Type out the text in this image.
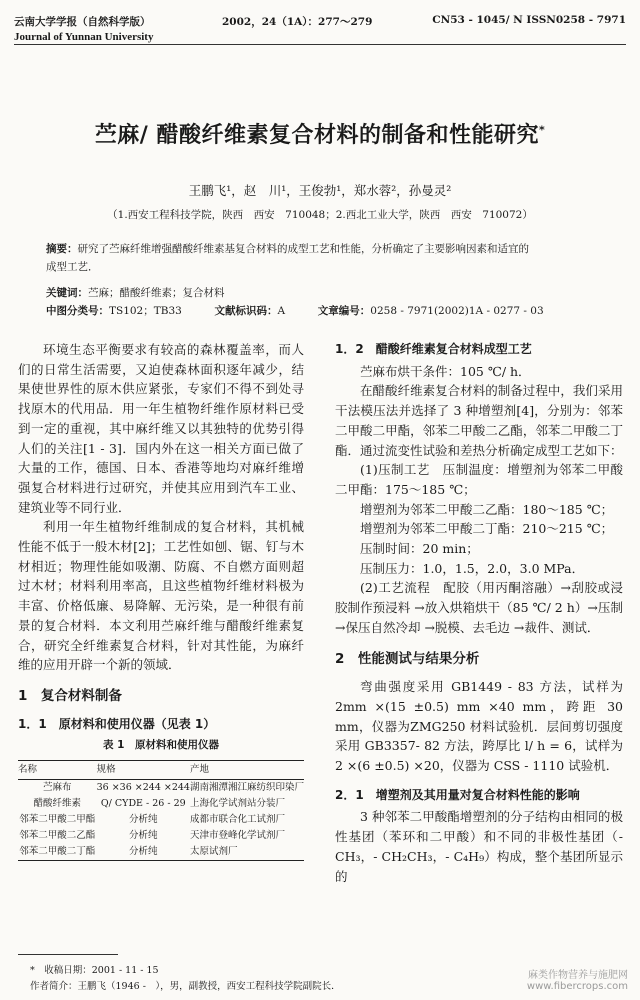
云南大学学报（自然科学版）	2002，24（1A）：277～279	CN53 - 1045/ N ISSN0258 - 7971
Journal of Yunnan University
苎麻/ 醋酸纤维素复合材料的制备和性能研究*
王鹏飞¹，赵　川¹，王俊勃¹，郑水蓉²，孙曼灵²
（1.西安工程科技学院，陕西　西安　710048；2.西北工业大学，陕西　西安　710072）
摘要：研究了苎麻纤维增强醋酸纤维素基复合材料的成型工艺和性能，分析确定了主要影响因素和适宜的
成型工艺．
关键词：苎麻；醋酸纤维素；复合材料
中图分类号：TS102；TB33	文献标识码：A	文章编号：0258 - 7971(2002)1A - 0277 - 03

环境生态平衡要求有较高的森林覆盖率，而人们的日常生活需要，又迫使森林面积逐年减少，结果使世界性的原木供应紧张，专家们不得不到处寻找原木的代用品．用一年生植物纤维作原材料已受到一定的重视，其中麻纤维又以其独特的优势引得人们的关注[1 - 3]．国内外在这一相关方面已做了大量的工作，德国、日本、香港等地均对麻纤维增强复合材料进行过研究，并使其应用到汽车工业、建筑业等不同行业．

利用一年生植物纤维制成的复合材料，其机械性能不低于一般木材[2]；工艺性如刨、锯、钉与木材相近；物理性能如吸潮、防腐、不自燃方面则超过木材；材料利用率高，且这些植物纤维材料极为丰富、价格低廉、易降解、无污染，是一种很有前景的复合材料．本文利用苎麻纤维与醋酸纤维素复合，研究全纤维素复合材料，针对其性能，为麻纤维的应用开辟一个新的领域．

1　复合材料制备
1．1　原材料和使用仪器（见表 1）
表 1　原材料和使用仪器
名称	规格	产地
苎麻布	36 ×36 ×244 ×244	湖南湘潭湘江麻纺织印染厂
醋酸纤维素	Q/ CYDE - 26 - 29	上海化学试剂站分装厂
邻苯二甲酸二甲酯	分析纯	成都市联合化工试剂厂
邻苯二甲酸二乙酯	分析纯	天津市登峰化学试剂厂
邻苯二甲酸二丁酯	分析纯	太原试剂厂
1．2　醋酸纤维素复合材料成型工艺

苎麻布烘干条件：105 ℃/ h．

在醋酸纤维素复合材料的制备过程中，我们采用干法模压法并选择了 3 种增塑剂[4]，分别为：邻苯二甲酸二甲酯，邻苯二甲酸二乙酯，邻苯二甲酸二丁酯．通过流变性试验和差热分析确定成型工艺如下：

(1)压制工艺　压制温度：增塑剂为邻苯二甲酸二甲酯：175～185 ℃；

增塑剂为邻苯二甲酸二乙酯：180～185 ℃；

增塑剂为邻苯二甲酸二丁酯：210～215 ℃；

压制时间：20 min；

压制压力：1.0，1.5，2.0，3.0 MPa．

(2)工艺流程　配胶（用丙酮溶融）→刮胶或浸胶制作预浸料 →放入烘箱烘干（85 ℃/ 2 h）→压制 →保压自然冷却 →脱模、去毛边 →裁件、测试．

2　性能测试与结果分析

弯曲强度采用 GB1449 - 83 方法，试样为 2mm ×(15 ±0.5) mm ×40 mm，跨距 30 mm，仪器为ZMG250 材料试验机．层间剪切强度采用 GB3357- 82 方法，跨厚比 l/ h = 6，试样为 2 ×(6 ±0.5) ×20，仪器为 CSS - 1110 试验机．

2．1　增塑剂及其用量对复合材料性能的影响

3 种邻苯二甲酸酯增塑剂的分子结构由相同的极性基团（苯环和二甲酸）和不同的非极性基团（-CH₃，- CH₂CH₃，- C₄H₉）构成，整个基团所显示的

*　收稿日期：2001 - 11 - 15
作者简介：王鹏飞（1946 -　），男，副教授，西安工程科技学院副院长．
麻类作物营养与施肥网
www.fibercrops.com
